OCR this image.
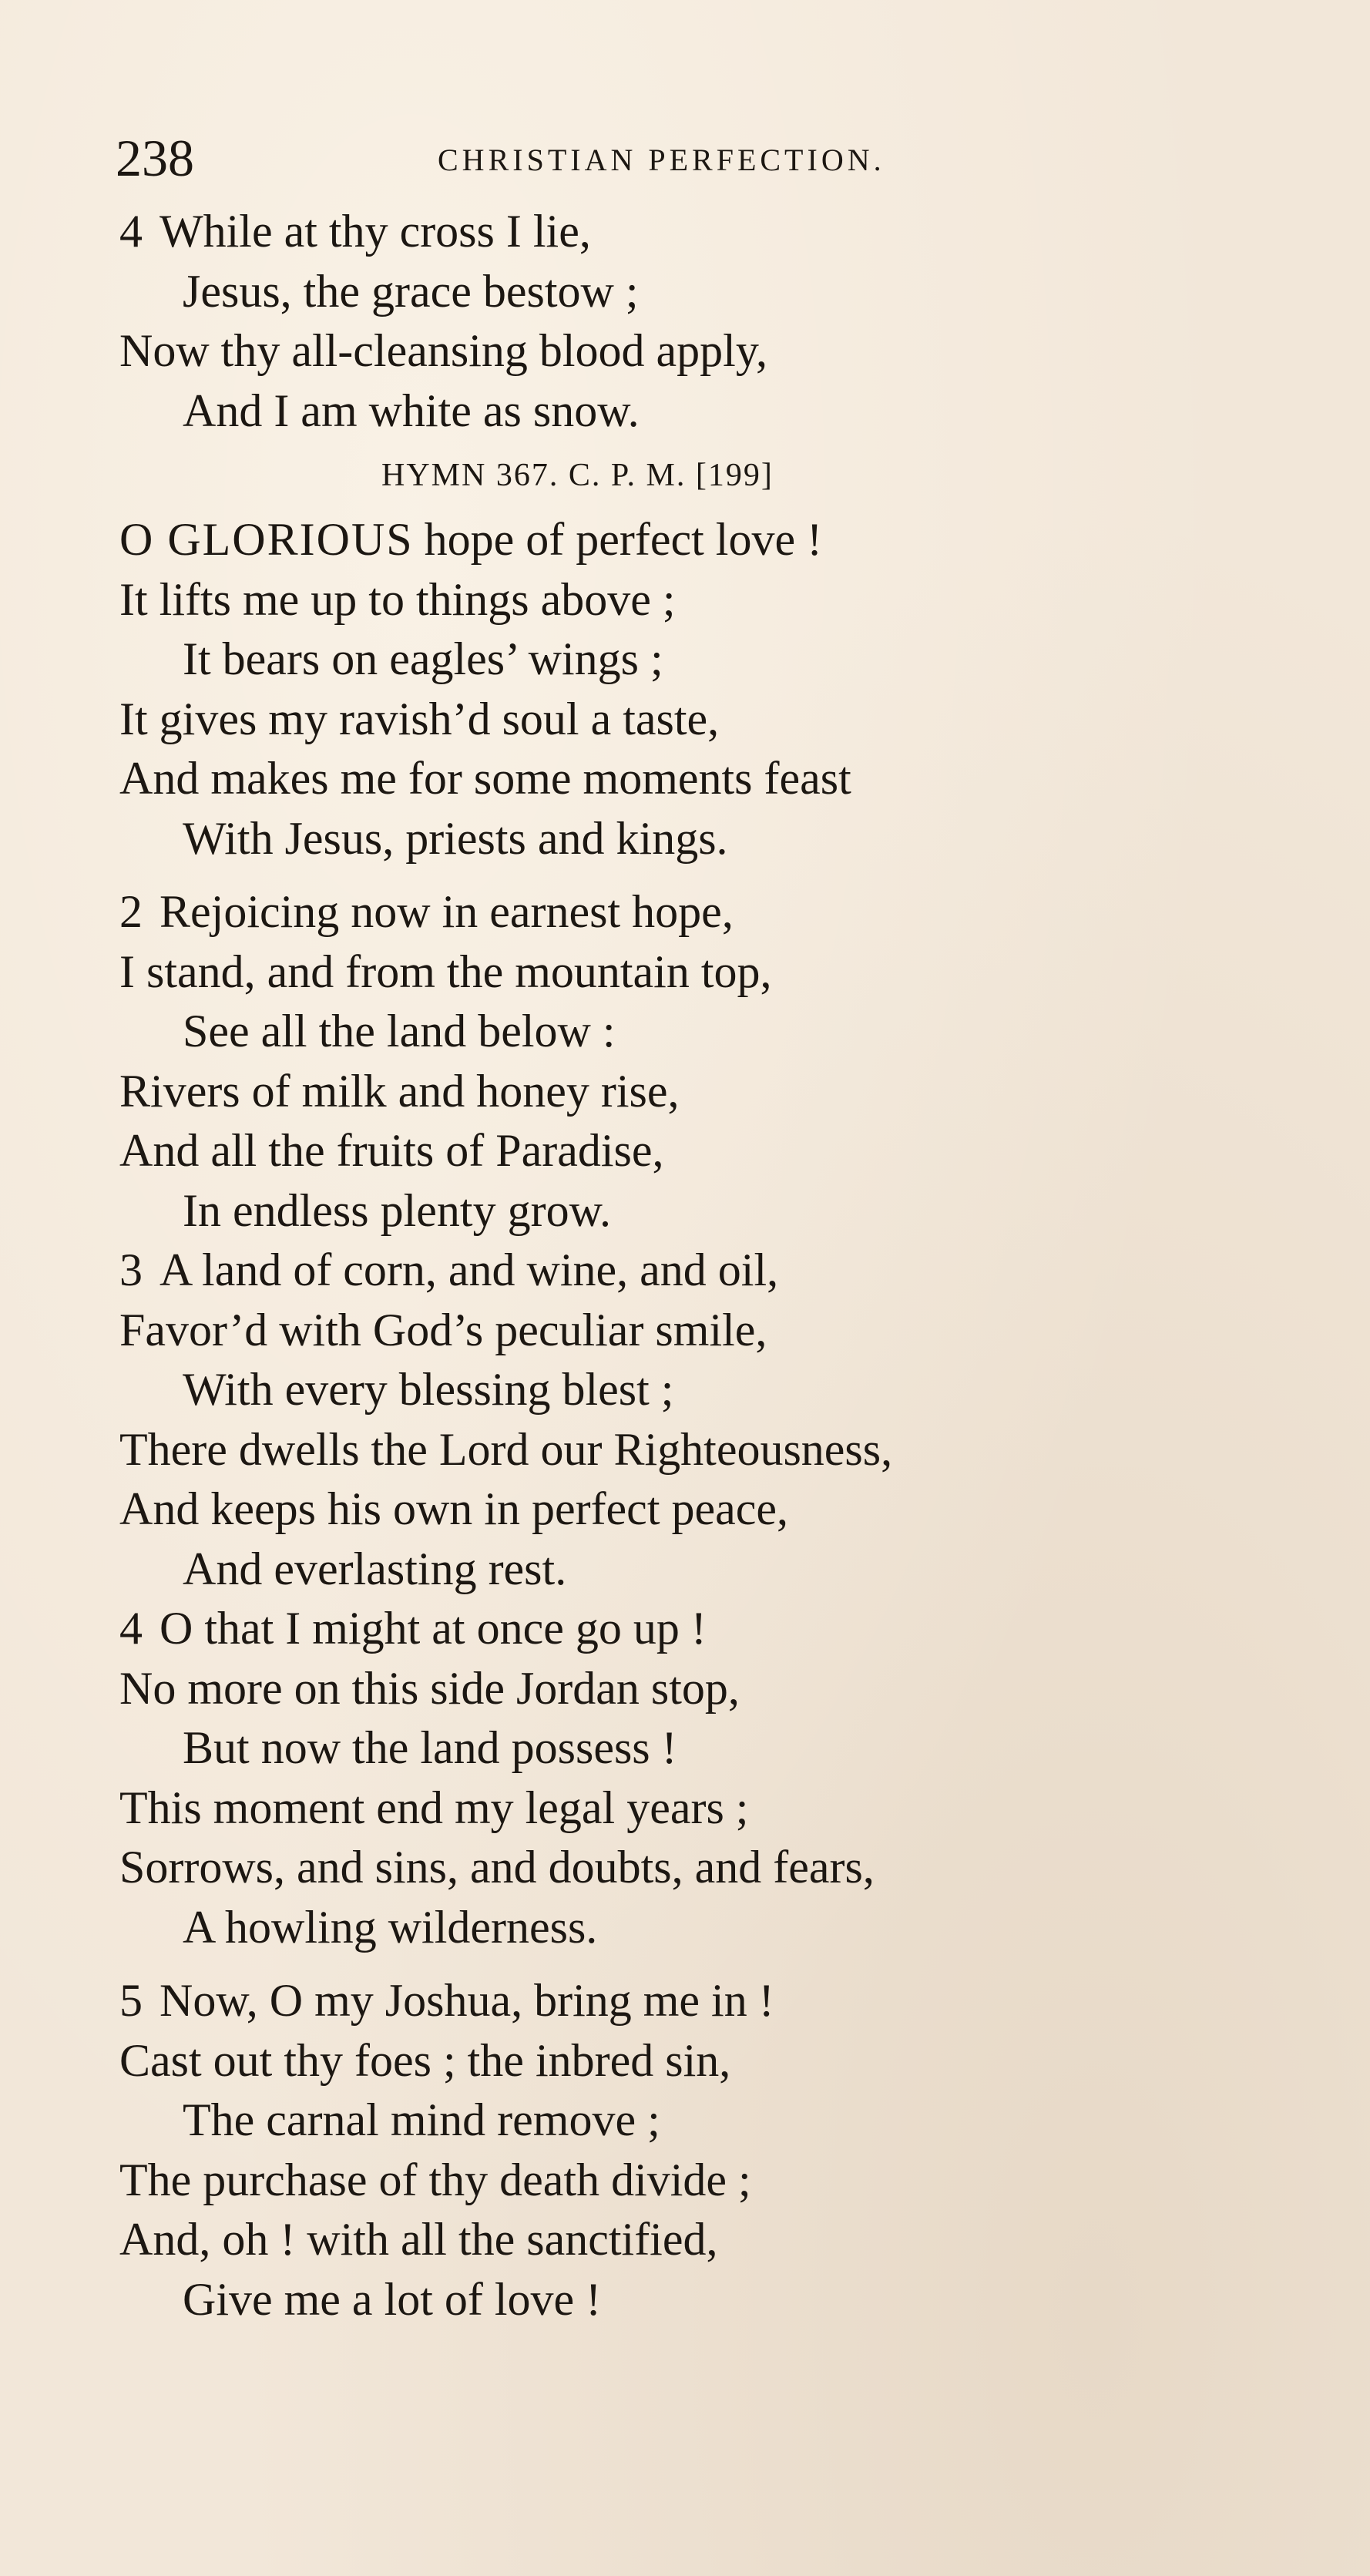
238	CHRISTIAN PERFECTION.
4 While at thy cross I lie,
Jesus, the grace bestow ;
Now thy all-cleansing blood apply,
And I am white as snow.
HYMN 367. C. P. M. [199]
O GLORIOUS hope of perfect love !
It lifts me up to things above ;
It bears on eagles’ wings ;
It gives my ravish’d soul a taste,
And makes me for some moments feast
With Jesus, priests and kings.
2 Rejoicing now in earnest hope,
I stand, and from the mountain top,
See all the land below :
Rivers of milk and honey rise,
And all the fruits of Paradise,
In endless plenty grow.
3 A land of corn, and wine, and oil,
Favor’d with God’s peculiar smile,
With every blessing blest ;
There dwells the Lord our Righteousness,
And keeps his own in perfect peace,
And everlasting rest.
4 O that I might at once go up !
No more on this side Jordan stop,
But now the land possess !
This moment end my legal years ;
Sorrows, and sins, and doubts, and fears,
A howling wilderness.
5 Now, O my Joshua, bring me in !
Cast out thy foes ; the inbred sin,
The carnal mind remove ;
The purchase of thy death divide ;
And, oh ! with all the sanctified,
Give me a lot of love !
